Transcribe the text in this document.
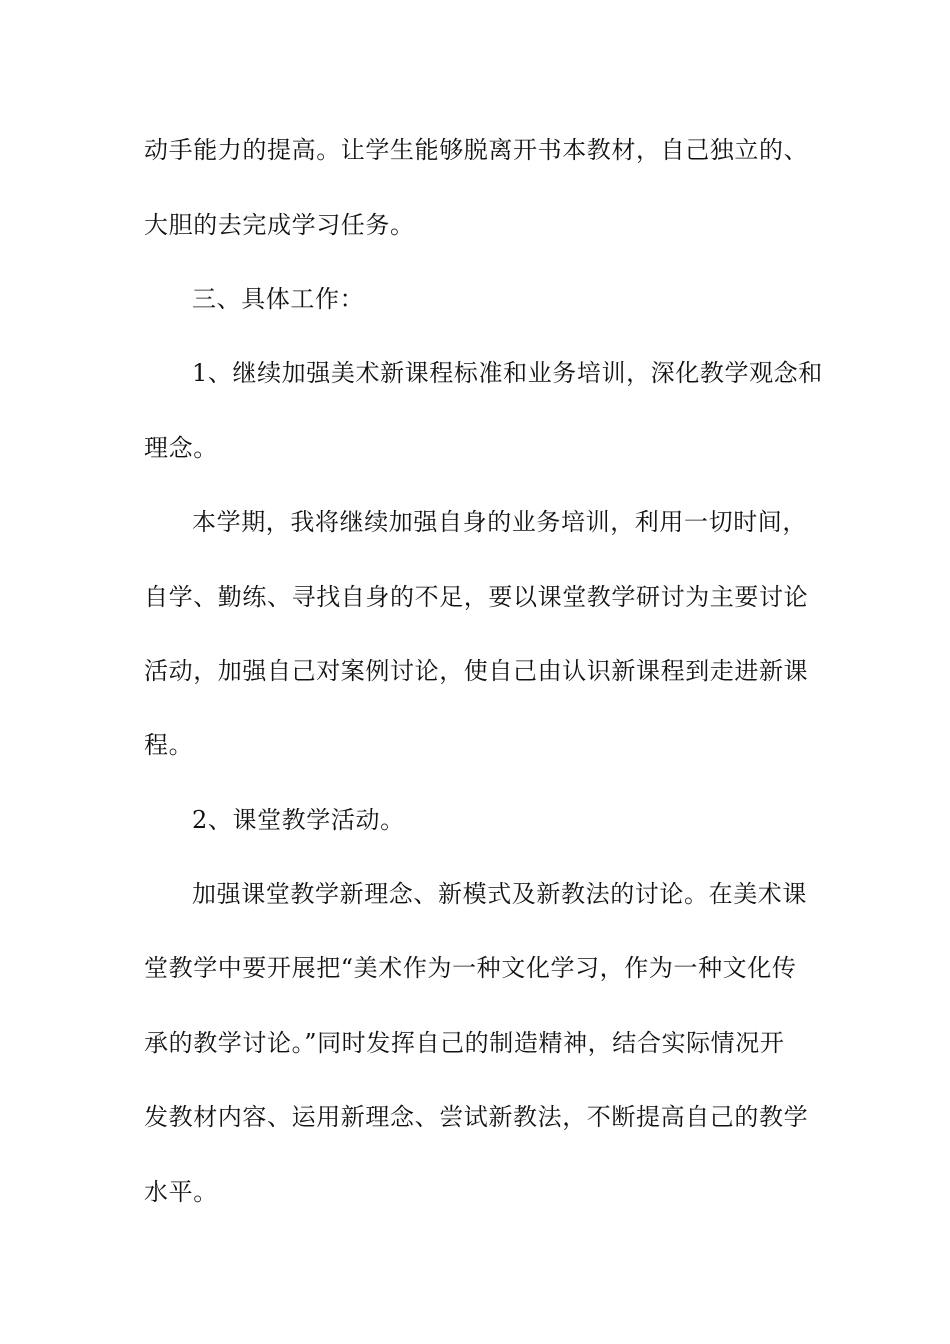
动手能力的提高。让学生能够脱离开书本教材，自己独立的、
大胆的去完成学习任务。
三、具体工作：
1、继续加强美术新课程标准和业务培训，深化教学观念和
理念。
本学期，我将继续加强自身的业务培训，利用一切时间，
自学、勤练、寻找自身的不足，要以课堂教学研讨为主要讨论
活动，加强自己对案例讨论，使自己由认识新课程到走进新课
程。
2、课堂教学活动。
加强课堂教学新理念、新模式及新教法的讨论。在美术课
堂教学中要开展把“美术作为一种文化学习，作为一种文化传
承的教学讨论。”同时发挥自己的制造精神，结合实际情况开
发教材内容、运用新理念、尝试新教法，不断提高自己的教学
水平。
